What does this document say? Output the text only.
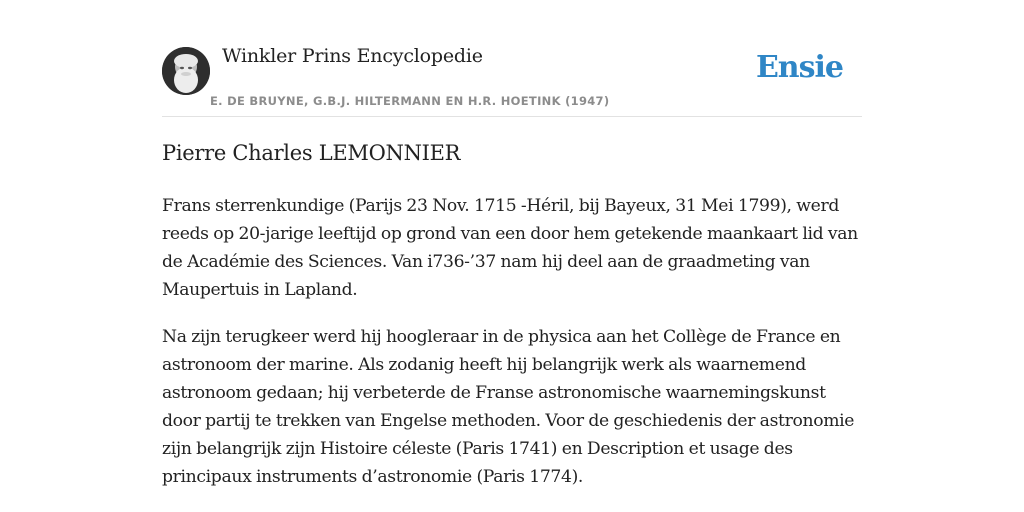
Winkler Prins Encyclopedie
E. DE BRUYNE, G.B.J. HILTERMANN EN H.R. HOETINK (1947)
Ensie
Pierre Charles LEMONNIER

Frans sterrenkundige (Parijs 23 Nov. 1715 -Héril, bij Bayeux, 31 Mei 1799), werd reeds op 20-jarige leeftijd op grond van een door hem getekende maankaart lid van de Académie des Sciences. Van i736-’37 nam hij deel aan de graadmeting van Maupertuis in Lapland.

Na zijn terugkeer werd hij hoogleraar in de physica aan het Collège de France en astronoom der marine. Als zodanig heeft hij belangrijk werk als waarnemend astronoom gedaan; hij verbeterde de Franse astronomische waarnemingskunst door partij te trekken van Engelse methoden. Voor de geschiedenis der astronomie zijn belangrijk zijn Histoire céleste (Paris 1741) en Description et usage des principaux instruments d’astronomie (Paris 1774).
